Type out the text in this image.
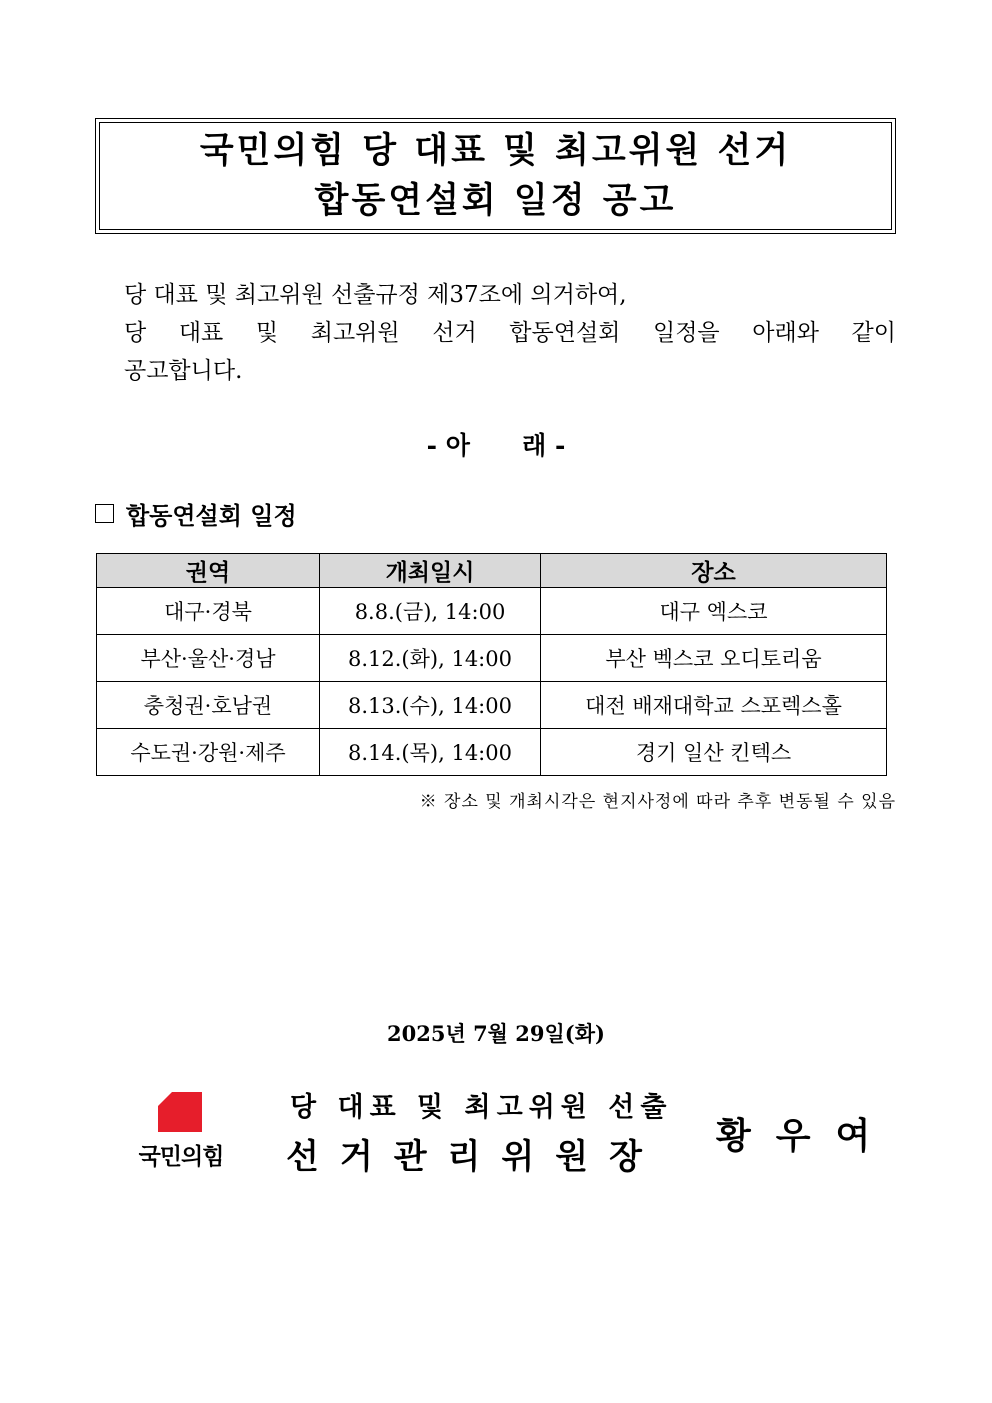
국민의힘 당 대표 및 최고위원 선거
합동연설회 일정 공고

당 대표 및 최고위원 선출규정 제37조에 의거하여,

당 대표 및 최고위원 선거 합동연설회 일정을 아래와 같이

공고합니다.

- 아      래 -
합동연설회 일정
권역	개최일시	장소
대구·경북	8.8.(금), 14:00	대구 엑스코
부산·울산·경남	8.12.(화), 14:00	부산 벡스코 오디토리움
충청권·호남권	8.13.(수), 14:00	대전 배재대학교 스포렉스홀
수도권·강원·제주	8.14.(목), 14:00	경기 일산 킨텍스
※ 장소 및 개최시각은 현지사정에 따라 추후 변동될 수 있음
2025년 7월 29일(화)
국민의힘
당 대표 및 최고위원 선출
선거관리위원장 황우여
